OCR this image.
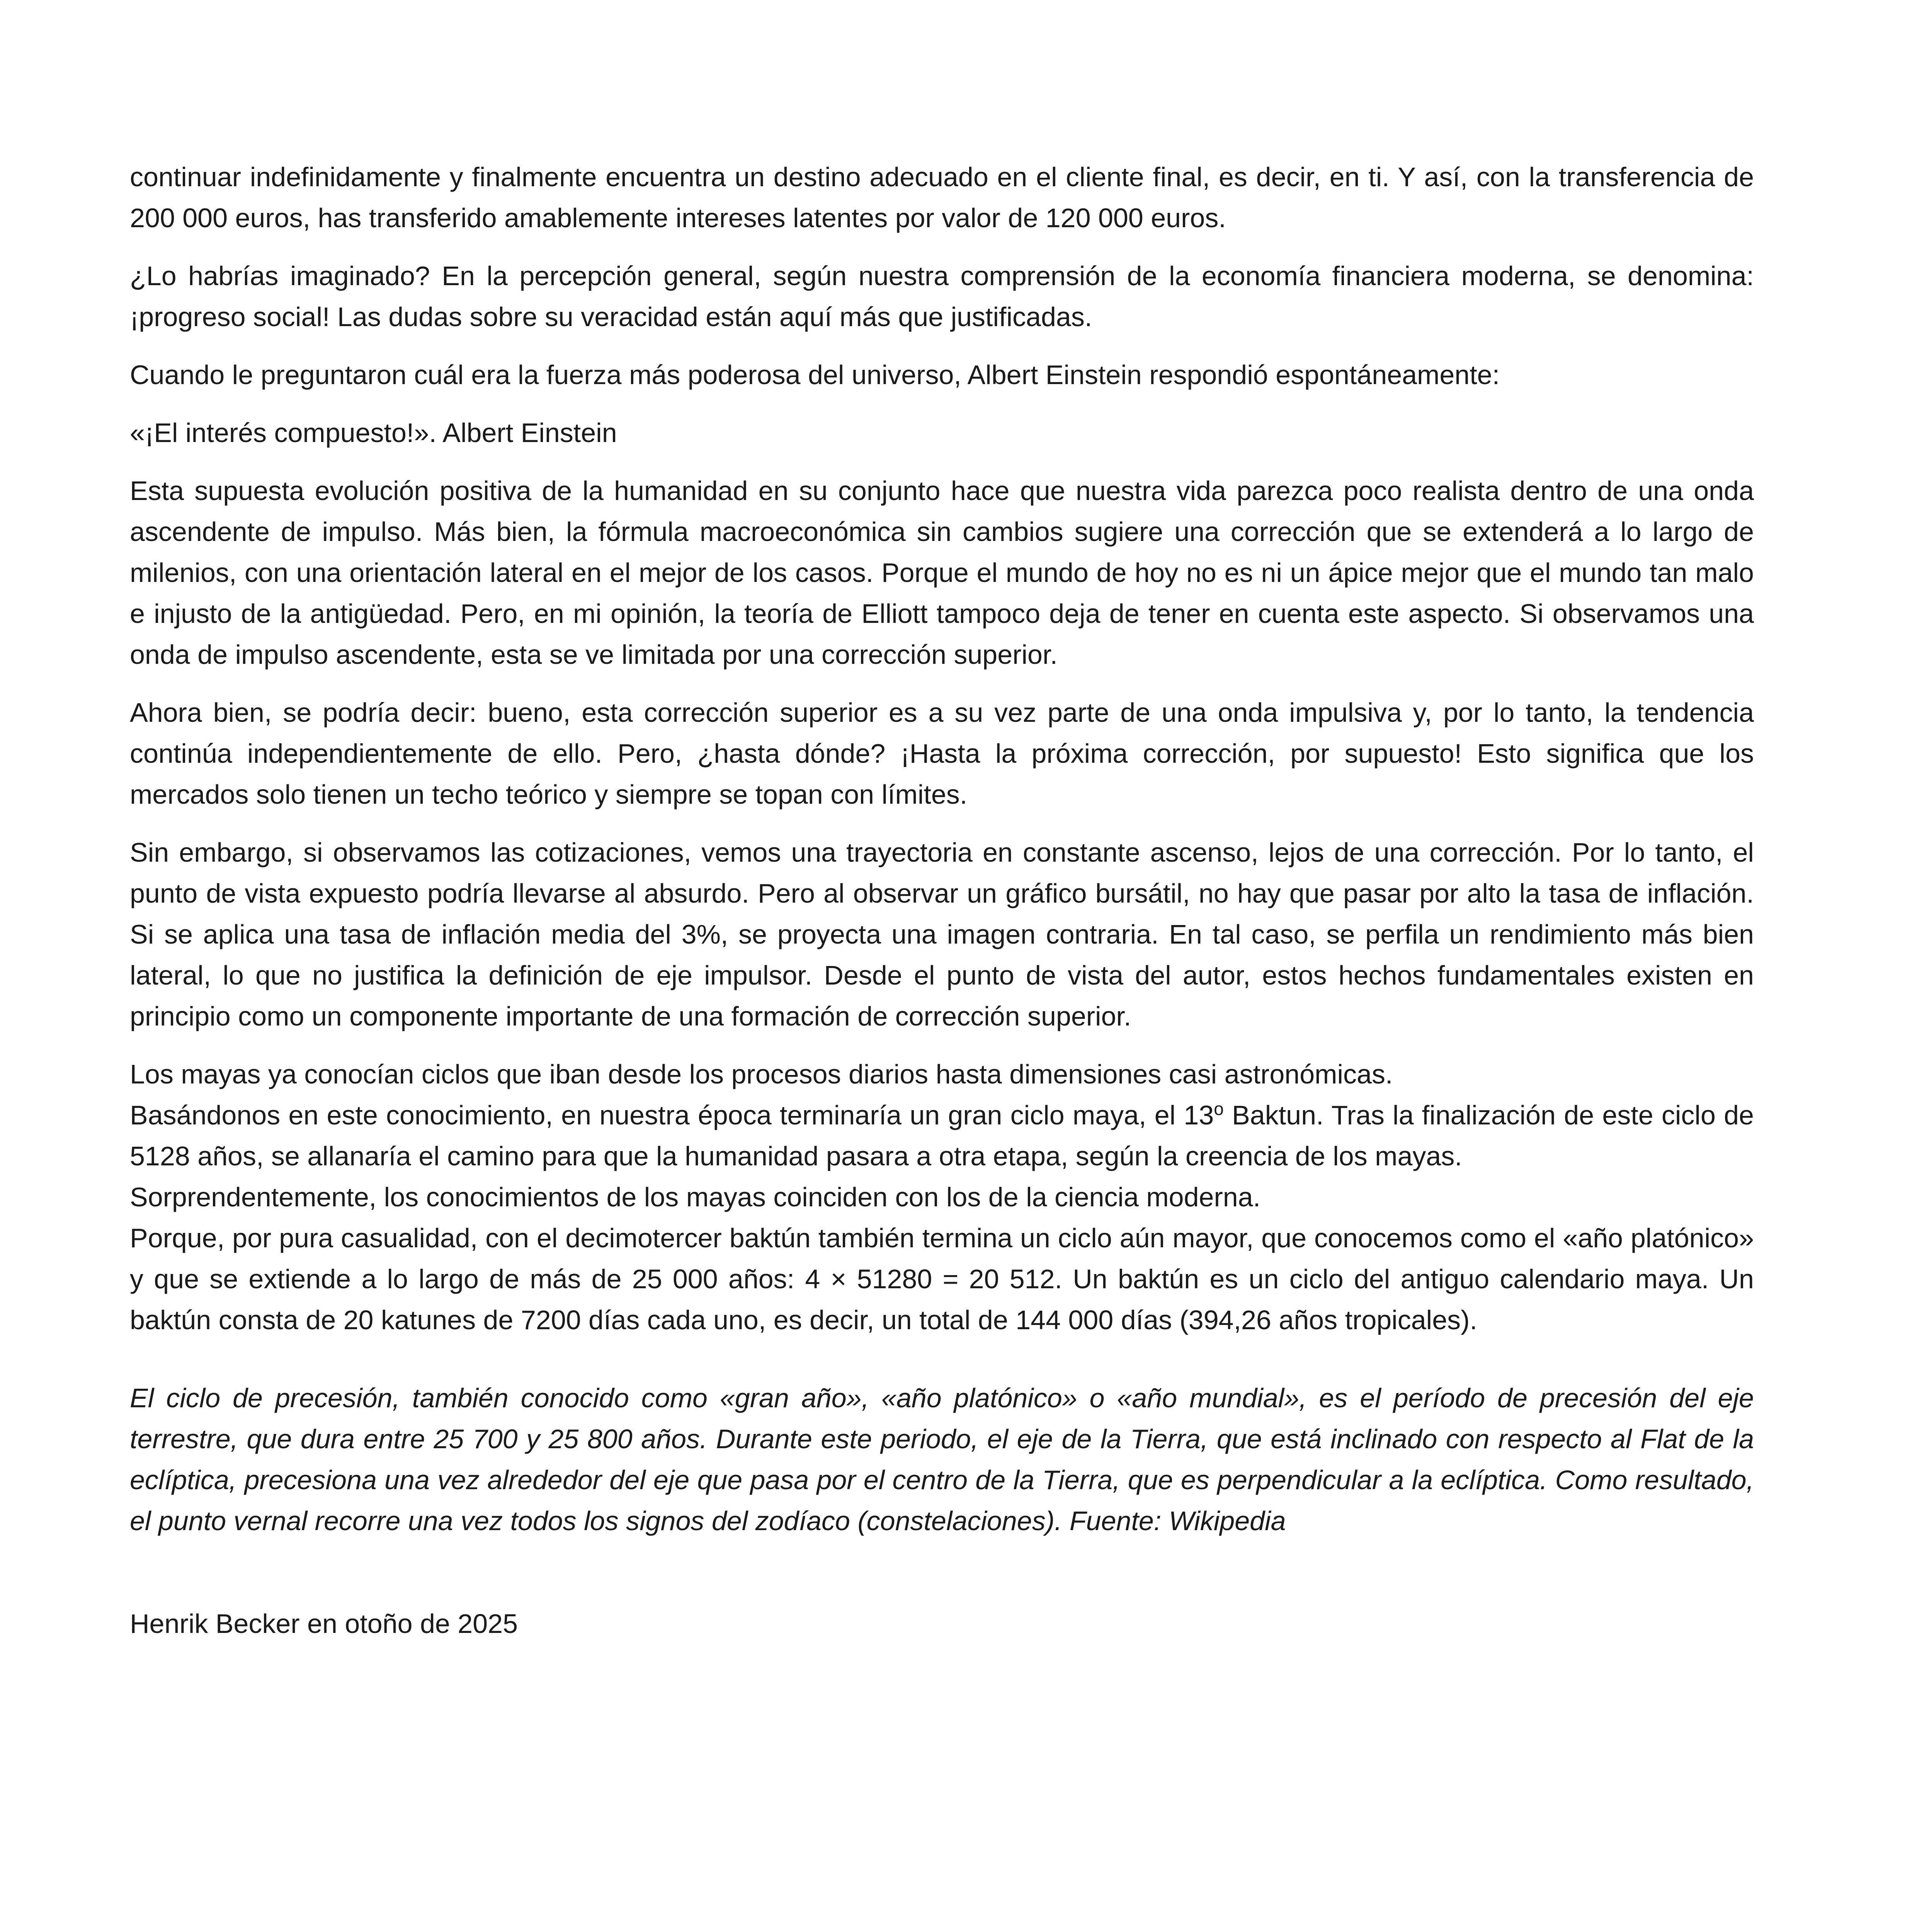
continuar indefinidamente y finalmente encuentra un destino adecuado en el cliente final, es decir, en ti. Y así, con la transferencia de 200 000 euros, has transferido amablemente intereses latentes por valor de 120 000 euros.

¿Lo habrías imaginado? En la percepción general, según nuestra comprensión de la economía financiera moderna, se denomina: ¡progreso social! Las dudas sobre su veracidad están aquí más que justificadas.

Cuando le preguntaron cuál era la fuerza más poderosa del universo, Albert Einstein respondió espontáneamente:

«¡El interés compuesto!». Albert Einstein

Esta supuesta evolución positiva de la humanidad en su conjunto hace que nuestra vida parezca poco realista dentro de una onda ascendente de impulso. Más bien, la fórmula macroeconómica sin cambios sugiere una corrección que se extenderá a lo largo de milenios, con una orientación lateral en el mejor de los casos. Porque el mundo de hoy no es ni un ápice mejor que el mundo tan malo e injusto de la antigüedad. Pero, en mi opinión, la teoría de Elliott tampoco deja de tener en cuenta este aspecto. Si observamos una onda de impulso ascendente, esta se ve limitada por una corrección superior.

Ahora bien, se podría decir: bueno, esta corrección superior es a su vez parte de una onda impulsiva y, por lo tanto, la tendencia continúa independientemente de ello. Pero, ¿hasta dónde? ¡Hasta la próxima corrección, por supuesto! Esto significa que los mercados solo tienen un techo teórico y siempre se topan con límites.

Sin embargo, si observamos las cotizaciones, vemos una trayectoria en constante ascenso, lejos de una corrección. Por lo tanto, el punto de vista expuesto podría llevarse al absurdo. Pero al observar un gráfico bursátil, no hay que pasar por alto la tasa de inflación. Si se aplica una tasa de inflación media del 3%, se proyecta una imagen contraria. En tal caso, se perfila un rendimiento más bien lateral, lo que no justifica la definición de eje impulsor. Desde el punto de vista del autor, estos hechos fundamentales existen en principio como un componente importante de una formación de corrección superior.

Los mayas ya conocían ciclos que iban desde los procesos diarios hasta dimensiones casi astronómicas.

Basándonos en este conocimiento, en nuestra época terminaría un gran ciclo maya, el 13$^o$ Baktun. Tras la finalización de este ciclo de 5128 años, se allanaría el camino para que la humanidad pasara a otra etapa, según la creencia de los mayas.

Sorprendentemente, los conocimientos de los mayas coinciden con los de la ciencia moderna.

Porque, por pura casualidad, con el decimotercer baktún también termina un ciclo aún mayor, que conocemos como el «año platónico» y que se extiende a lo largo de más de 25 000 años: 4 × 51280 = 20 512. Un baktún es un ciclo del antiguo calendario maya. Un baktún consta de 20 katunes de 7200 días cada uno, es decir, un total de 144 000 días (394,26 años tropicales).

El ciclo de precesión, también conocido como «gran año», «año platónico» o «año mundial», es el período de precesión del eje terrestre, que dura entre 25 700 y 25 800 años. Durante este periodo, el eje de la Tierra, que está inclinado con respecto al Flat de la eclíptica, precesiona una vez alrededor del eje que pasa por el centro de la Tierra, que es perpendicular a la eclíptica. Como resultado, el punto vernal recorre una vez todos los signos del zodíaco (constelaciones). Fuente: Wikipedia

Henrik Becker en otoño de 2025
